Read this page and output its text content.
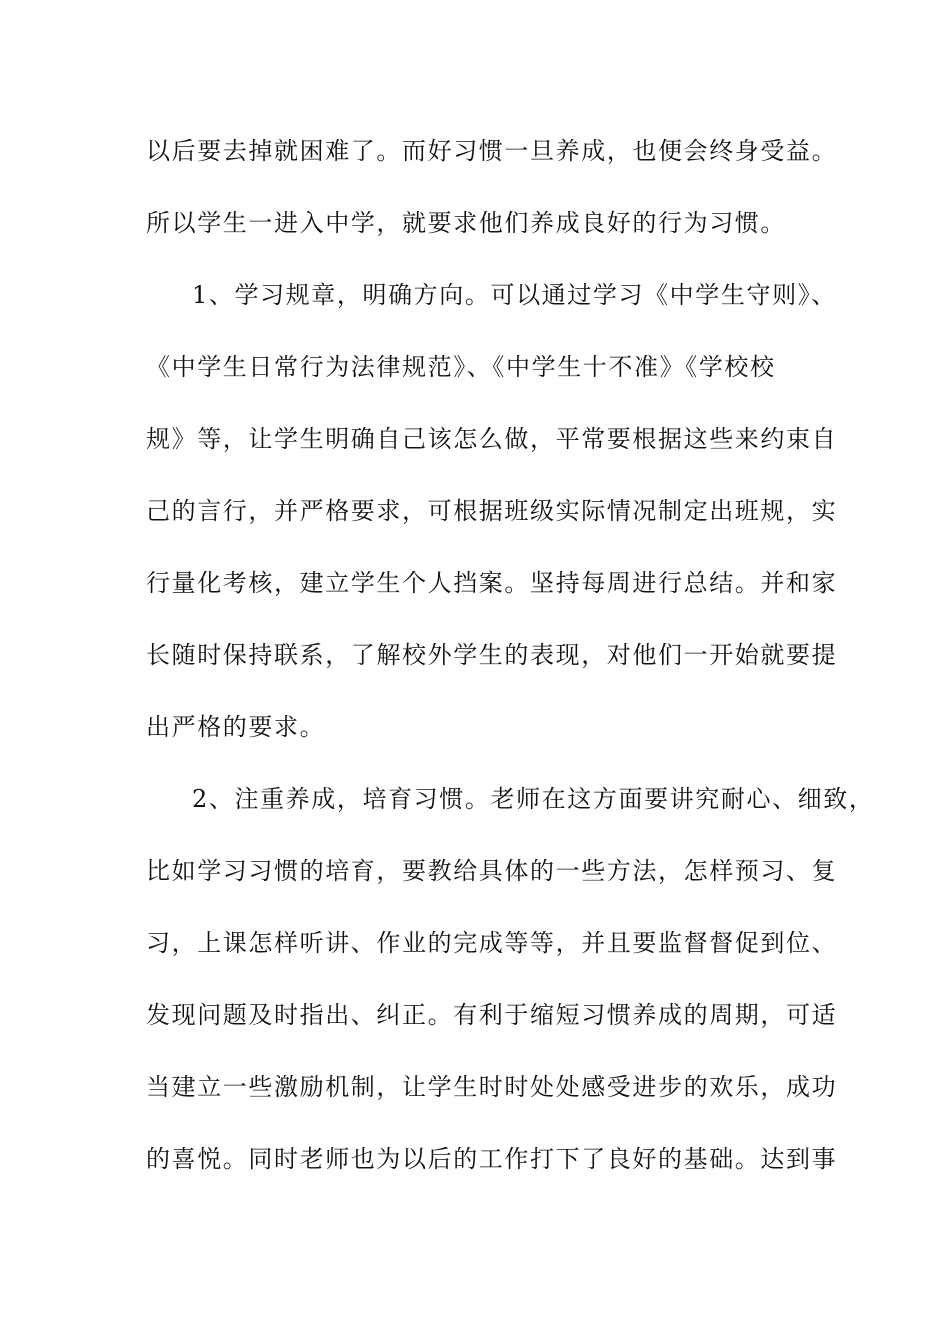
以后要去掉就困难了。而好习惯一旦养成，也便会终身受益。
所以学生一进入中学，就要求他们养成良好的行为习惯。
1、学习规章，明确方向。可以通过学习《中学生守则》、
《中学生日常行为法律规范》、《中学生十不准》《学校校
规》等，让学生明确自己该怎么做，平常要根据这些来约束自
己的言行，并严格要求，可根据班级实际情况制定出班规，实
行量化考核，建立学生个人挡案。坚持每周进行总结。并和家
长随时保持联系，了解校外学生的表现，对他们一开始就要提
出严格的要求。
2、注重养成，培育习惯。老师在这方面要讲究耐心、细致，
比如学习习惯的培育，要教给具体的一些方法，怎样预习、复
习，上课怎样听讲、作业的完成等等，并且要监督督促到位、
发现问题及时指出、纠正。有利于缩短习惯养成的周期，可适
当建立一些激励机制，让学生时时处处感受进步的欢乐，成功
的喜悦。同时老师也为以后的工作打下了良好的基础。达到事
